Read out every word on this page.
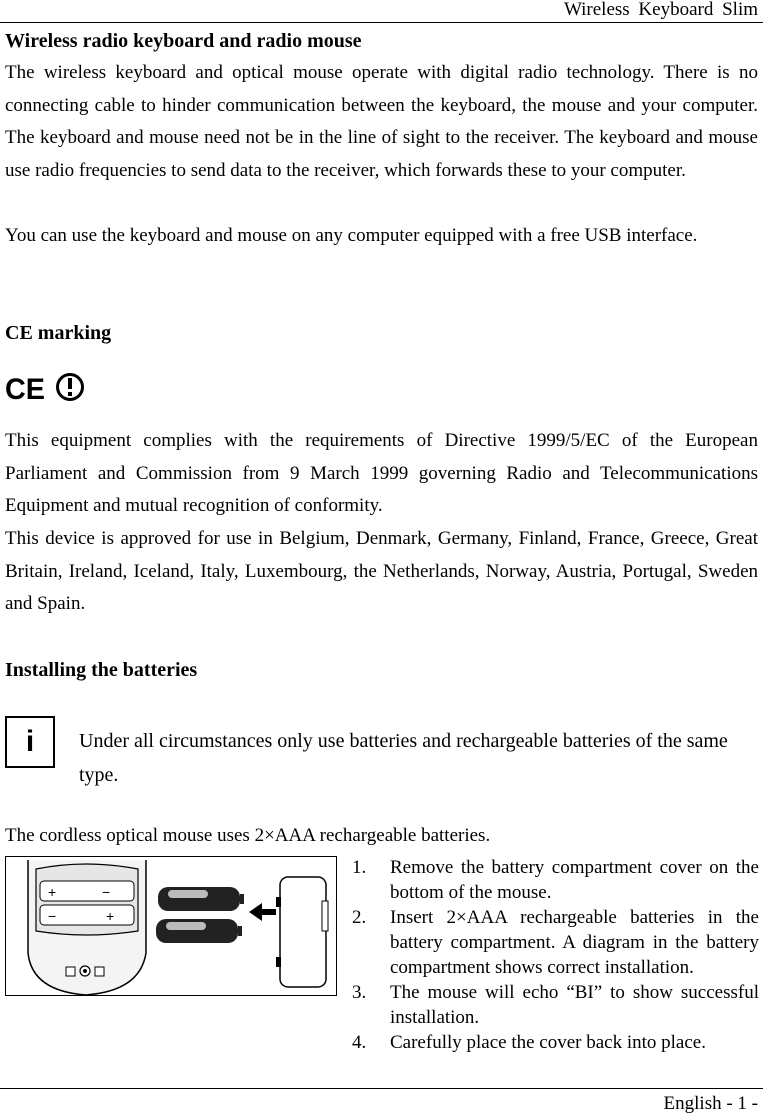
Wireless Keyboard Slim
Wireless radio keyboard and radio mouse
The wireless keyboard and optical mouse operate with digital radio technology. There is no connecting cable to hinder communication between the keyboard, the mouse and your computer. The keyboard and mouse need not be in the line of sight to the receiver. The keyboard and mouse use radio frequencies to send data to the receiver, which forwards these to your computer.
You can use the keyboard and mouse on any computer equipped with a free USB interface.
CE marking
CE
This equipment complies with the requirements of Directive 1999/5/EC of the European Parliament and Commission from 9 March 1999 governing Radio and Telecommunications Equipment and mutual recognition of conformity.
This device is approved for use in Belgium, Denmark, Germany, Finland, France, Greece, Great Britain, Ireland, Iceland, Italy, Luxembourg, the Netherlands, Norway, Austria, Portugal, Sweden and Spain.
Installing the batteries
i	Under all circumstances only use batteries and rechargeable batteries of the same type.
The cordless optical mouse uses 2×AAA rechargeable batteries.
+	−
−	+
1. Remove the battery compartment cover on the bottom of the mouse.
2. Insert 2×AAA rechargeable batteries in the battery compartment. A diagram in the battery compartment shows correct installation.
3. The mouse will echo “BI” to show successful installation.
4. Carefully place the cover back into place.
English - 1 -
